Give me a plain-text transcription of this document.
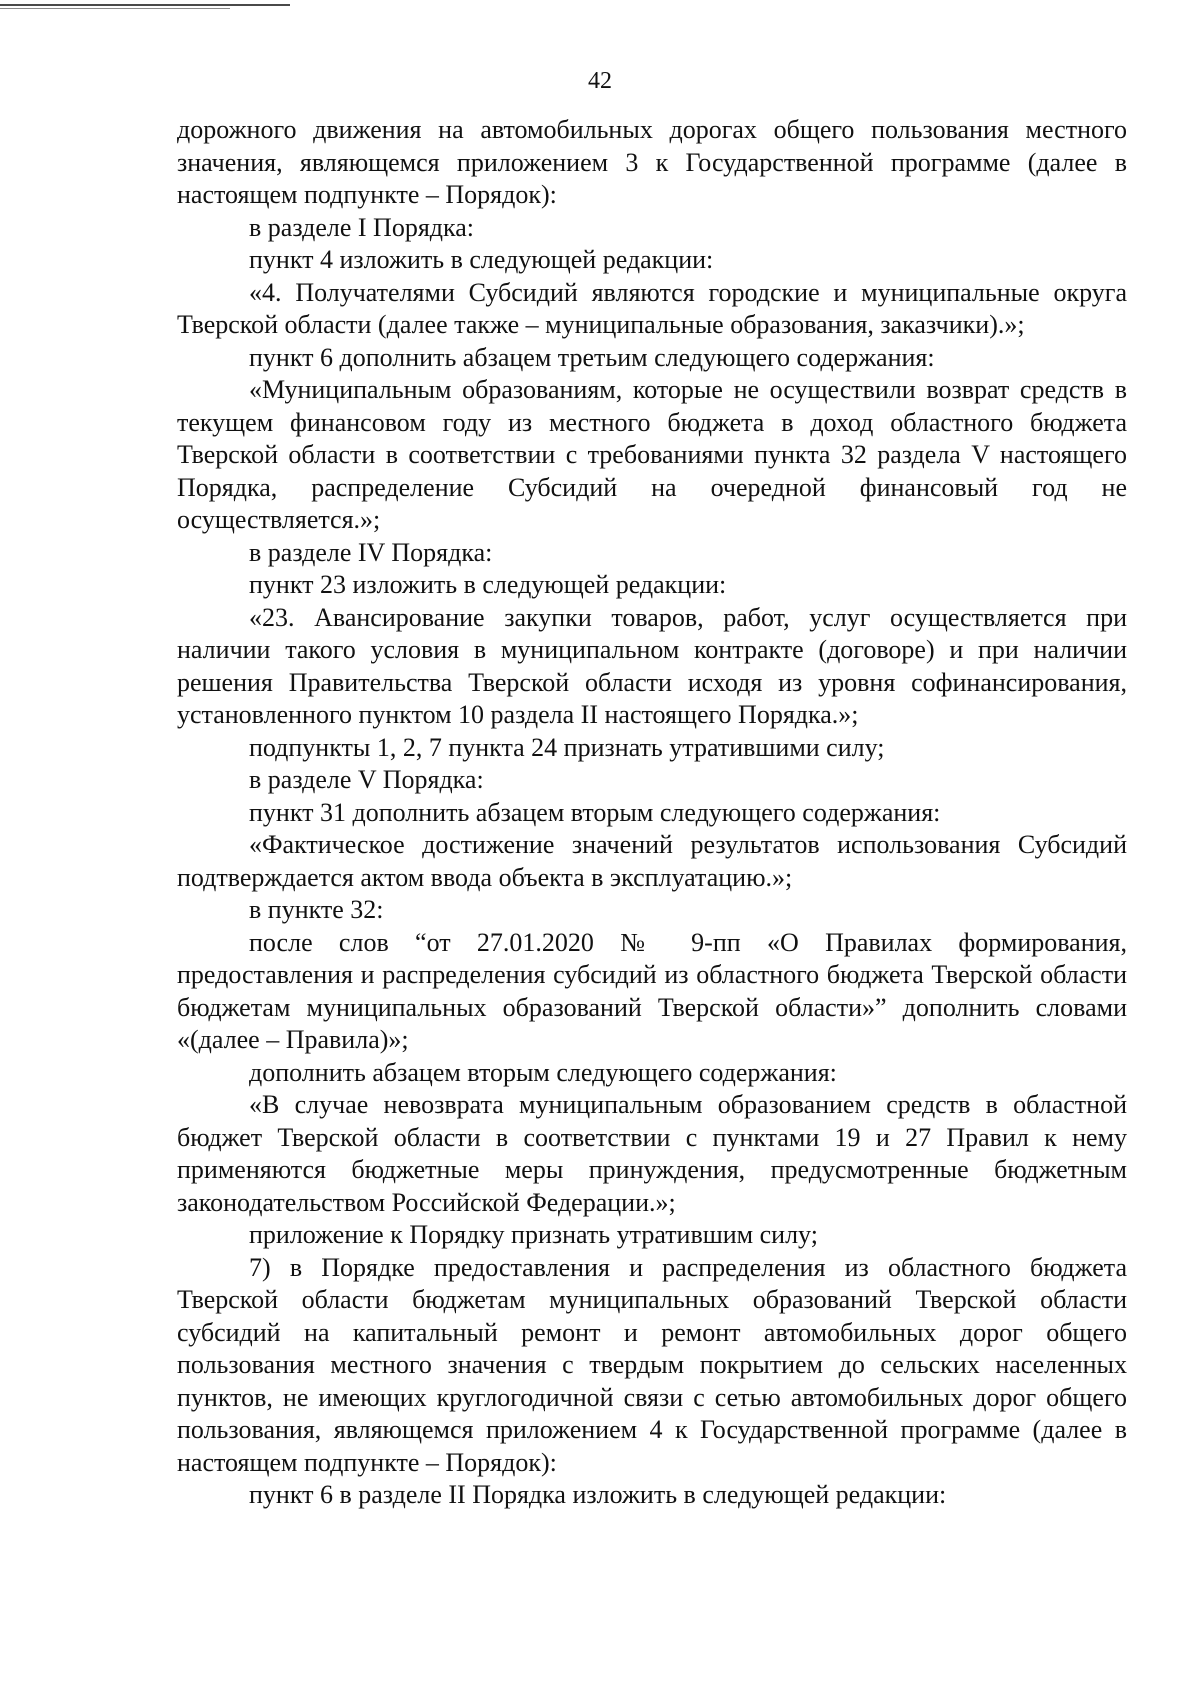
42

дорожного движения на автомобильных дорогах общего пользования местного значения, являющемся приложением 3 к Государственной программе (далее в настоящем подпункте – Порядок):

в разделе I Порядка:

пункт 4 изложить в следующей редакции:

«4. Получателями Субсидий являются городские и муниципальные округа Тверской области (далее также – муниципальные образования, заказчики).»;

пункт 6 дополнить абзацем третьим следующего содержания:

«Муниципальным образованиям, которые не осуществили возврат средств в текущем финансовом году из местного бюджета в доход областного бюджета Тверской области в соответствии с требованиями пункта 32 раздела V настоящего Порядка, распределение Субсидий на очередной финансовый год не осуществляется.»;

в разделе IV Порядка:

пункт 23 изложить в следующей редакции:

«23. Авансирование закупки товаров, работ, услуг осуществляется при наличии такого условия в муниципальном контракте (договоре) и при наличии решения Правительства Тверской области исходя из уровня софинансирования, установленного пунктом 10 раздела II настоящего Порядка.»;

подпункты 1, 2, 7 пункта 24 признать утратившими силу;

в разделе V Порядка:

пункт 31 дополнить абзацем вторым следующего содержания:

«Фактическое достижение значений результатов использования Субсидий подтверждается актом ввода объекта в эксплуатацию.»;

в пункте 32:

после слов “от 27.01.2020 № 9-пп «О Правилах формирования, предоставления и распределения субсидий из областного бюджета Тверской области бюджетам муниципальных образований Тверской области»” дополнить словами «(далее – Правила)»;

дополнить абзацем вторым следующего содержания:

«В случае невозврата муниципальным образованием средств в областной бюджет Тверской области в соответствии с пунктами 19 и 27 Правил к нему применяются бюджетные меры принуждения, предусмотренные бюджетным законодательством Российской Федерации.»;

приложение к Порядку признать утратившим силу;

7) в Порядке предоставления и распределения из областного бюджета Тверской области бюджетам муниципальных образований Тверской области субсидий на капитальный ремонт и ремонт автомобильных дорог общего пользования местного значения с твердым покрытием до сельских населенных пунктов, не имеющих круглогодичной связи с сетью автомобильных дорог общего пользования, являющемся приложением 4 к Государственной программе (далее в настоящем подпункте – Порядок):

пункт 6 в разделе II Порядка изложить в следующей редакции:
